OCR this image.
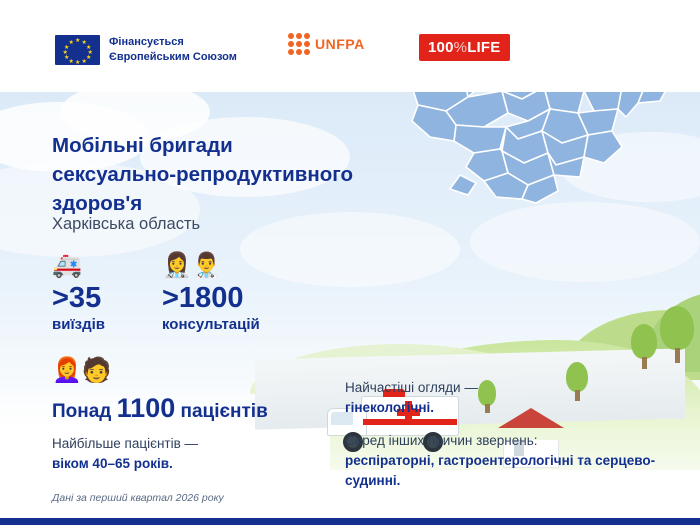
★ ★
★
★
★
★
★
★
★
★
★
★	Фінансується
Європейським Союзом
UNFPA	100%LIFE
Мобільні бригади
сексуально-репродуктивного
здоров'я
Харківська область
🚑
>35
виїздів
👩‍⚕️👨‍⚕️
>1800
консультацій
👩‍🦰🧑
Понад 1100 пацієнтів
Найбільше пацієнтів —
віком 40–65 років.
Дані за перший квартал 2026 року
Найчастіші огляди —
гінекологічні.
Серед інших причин звернень:
респіраторні, гастроентерологічні та серцево-судинні.
